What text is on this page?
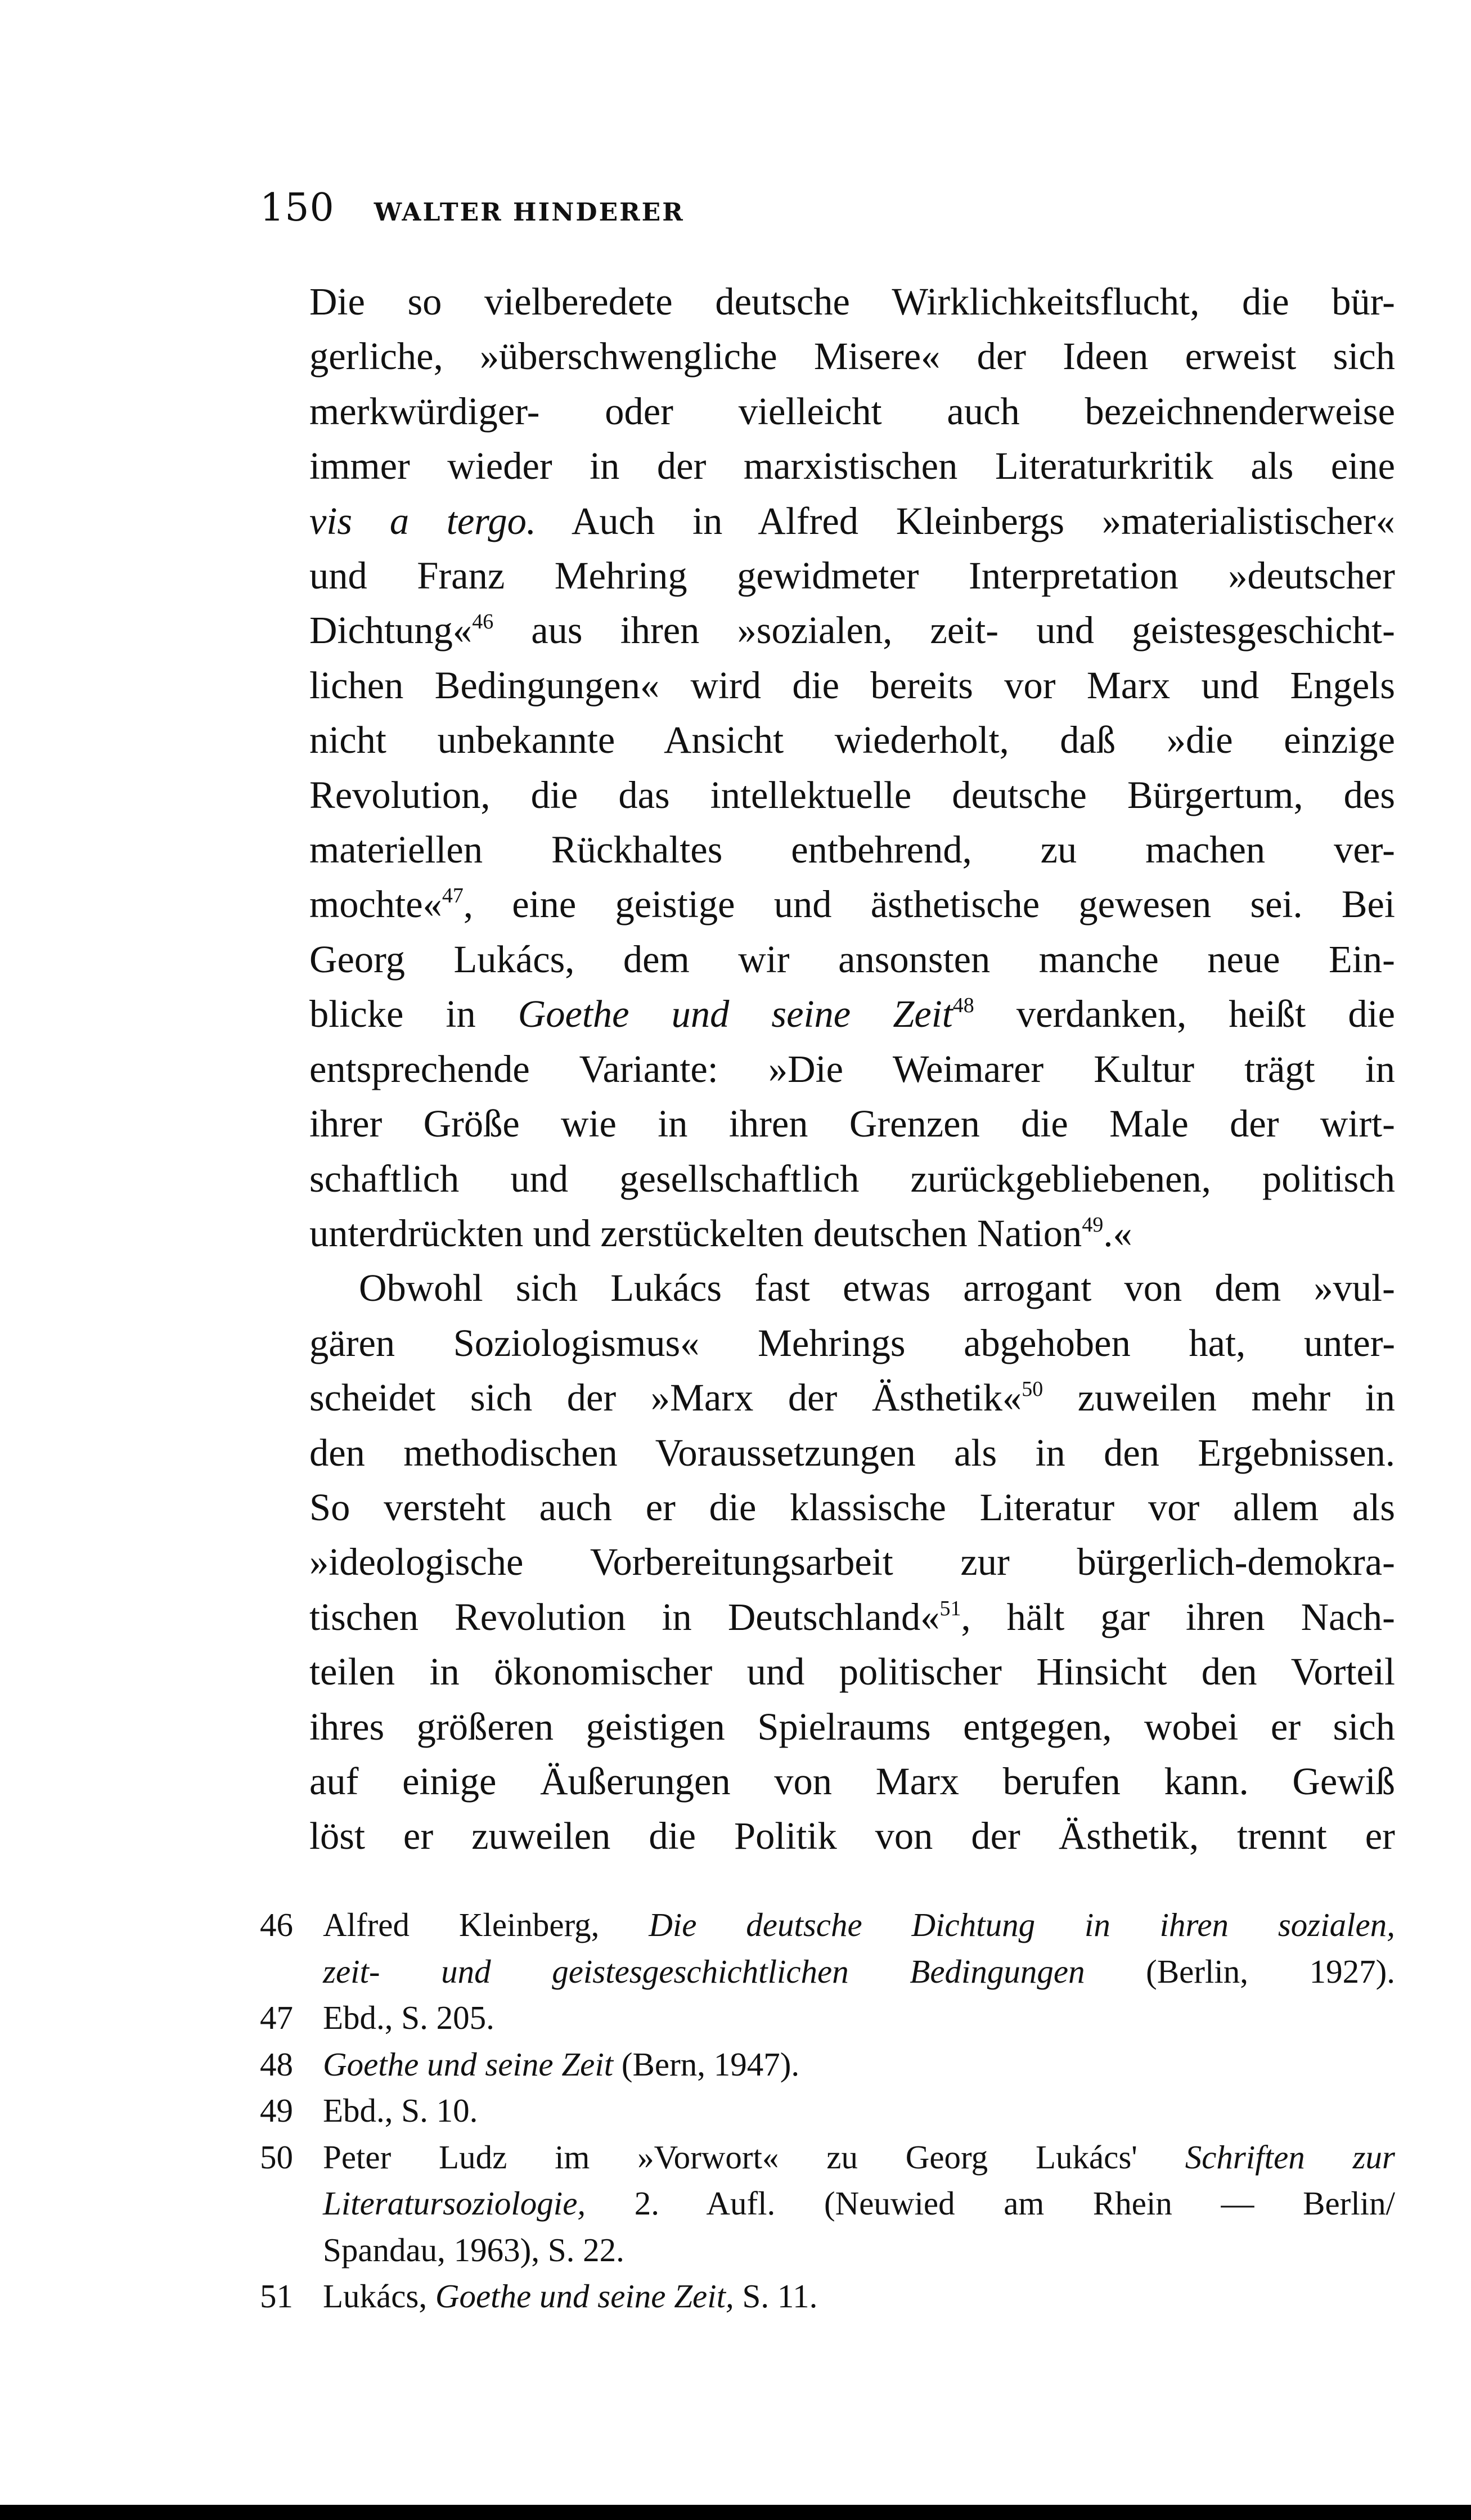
150 WALTER HINDERER
Die so vielberedete deutsche Wirklichkeitsflucht, die bür-
gerliche, »überschwengliche Misere« der Ideen erweist sich
merkwürdiger- oder vielleicht auch bezeichnenderweise
immer wieder in der marxistischen Literaturkritik als eine
vis a tergo. Auch in Alfred Kleinbergs »materialistischer«
und Franz Mehring gewidmeter Interpretation »deutscher
Dichtung«$^{46}$ aus ihren »sozialen, zeit- und geistesgeschicht-
lichen Bedingungen« wird die bereits vor Marx und Engels
nicht unbekannte Ansicht wiederholt, daß »die einzige
Revolution, die das intellektuelle deutsche Bürgertum, des
materiellen Rückhaltes entbehrend, zu machen ver-
mochte«$^{47}$, eine geistige und ästhetische gewesen sei. Bei
Georg Lukács, dem wir ansonsten manche neue Ein-
blicke in Goethe und seine Zeit$^{48}$ verdanken, heißt die
entsprechende Variante: »Die Weimarer Kultur trägt in
ihrer Größe wie in ihren Grenzen die Male der wirt-
schaftlich und gesellschaftlich zurückgebliebenen, politisch
unterdrückten und zerstückelten deutschen Nation$^{49}$.«
Obwohl sich Lukács fast etwas arrogant von dem »vul-
gären Soziologismus« Mehrings abgehoben hat, unter-
scheidet sich der »Marx der Ästhetik«$^{50}$ zuweilen mehr in
den methodischen Voraussetzungen als in den Ergebnissen.
So versteht auch er die klassische Literatur vor allem als
»ideologische Vorbereitungsarbeit zur bürgerlich-demokra-
tischen Revolution in Deutschland«$^{51}$, hält gar ihren Nach-
teilen in ökonomischer und politischer Hinsicht den Vorteil
ihres größeren geistigen Spielraums entgegen, wobei er sich
auf einige Äußerungen von Marx berufen kann. Gewiß
löst er zuweilen die Politik von der Ästhetik, trennt er
46 Alfred Kleinberg, Die deutsche Dichtung in ihren sozialen,
zeit- und geistesgeschichtlichen Bedingungen (Berlin, 1927).
47 Ebd., S. 205.
48 Goethe und seine Zeit (Bern, 1947).
49 Ebd., S. 10.
50 Peter Ludz im »Vorwort« zu Georg Lukács' Schriften zur
Literatursoziologie, 2. Aufl. (Neuwied am Rhein — Berlin/
Spandau, 1963), S. 22.
51 Lukács, Goethe und seine Zeit, S. 11.
